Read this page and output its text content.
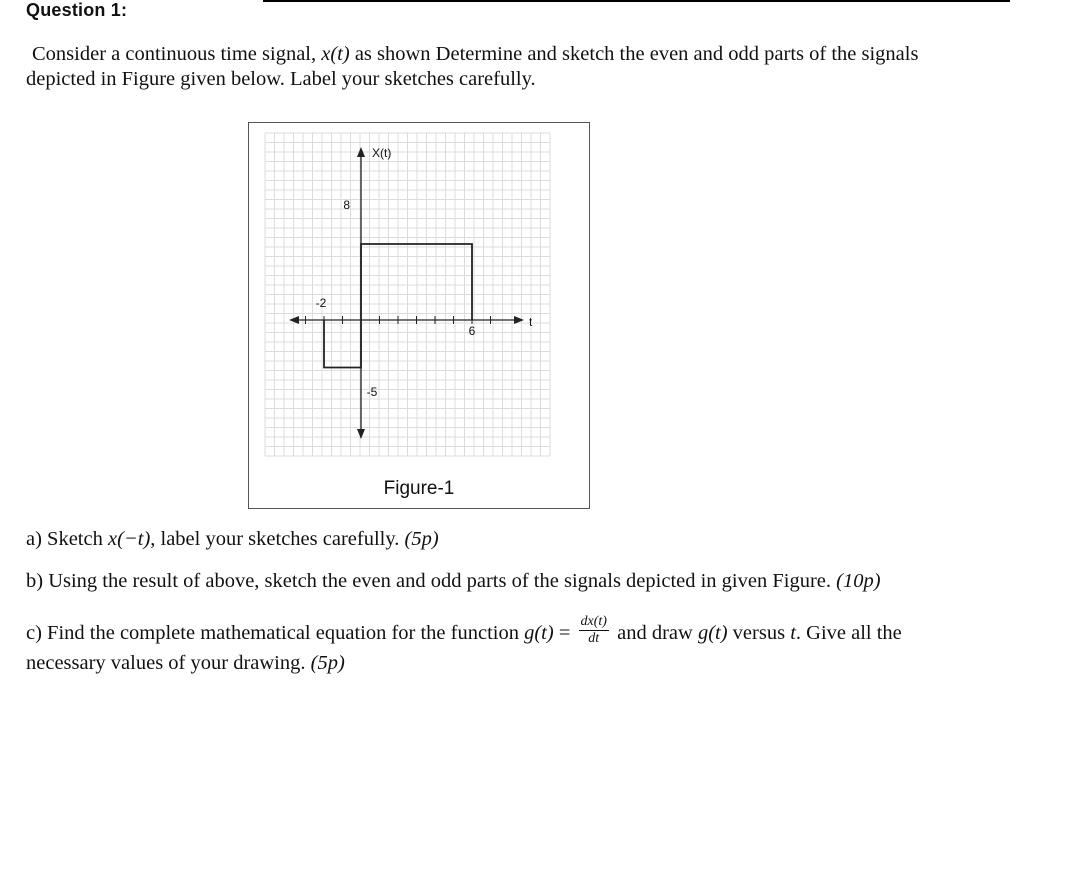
Question 1:
Consider a continuous time signal, x(t) as shown Determine and sketch the even and odd parts of the signals
depicted in Figure given below. Label your sketches carefully.
X(t)
t
8
-5
-2
6
Figure-1
a) Sketch x(−t), label your sketches carefully. (5p)
b) Using the result of above, sketch the even and odd parts of the signals depicted in given Figure. (10p)
c) Find the complete mathematical equation for the function $g(t) = \frac{dx(t)}{dt}$ and draw g(t) versus t. Give all the
necessary values of your drawing. (5p)
